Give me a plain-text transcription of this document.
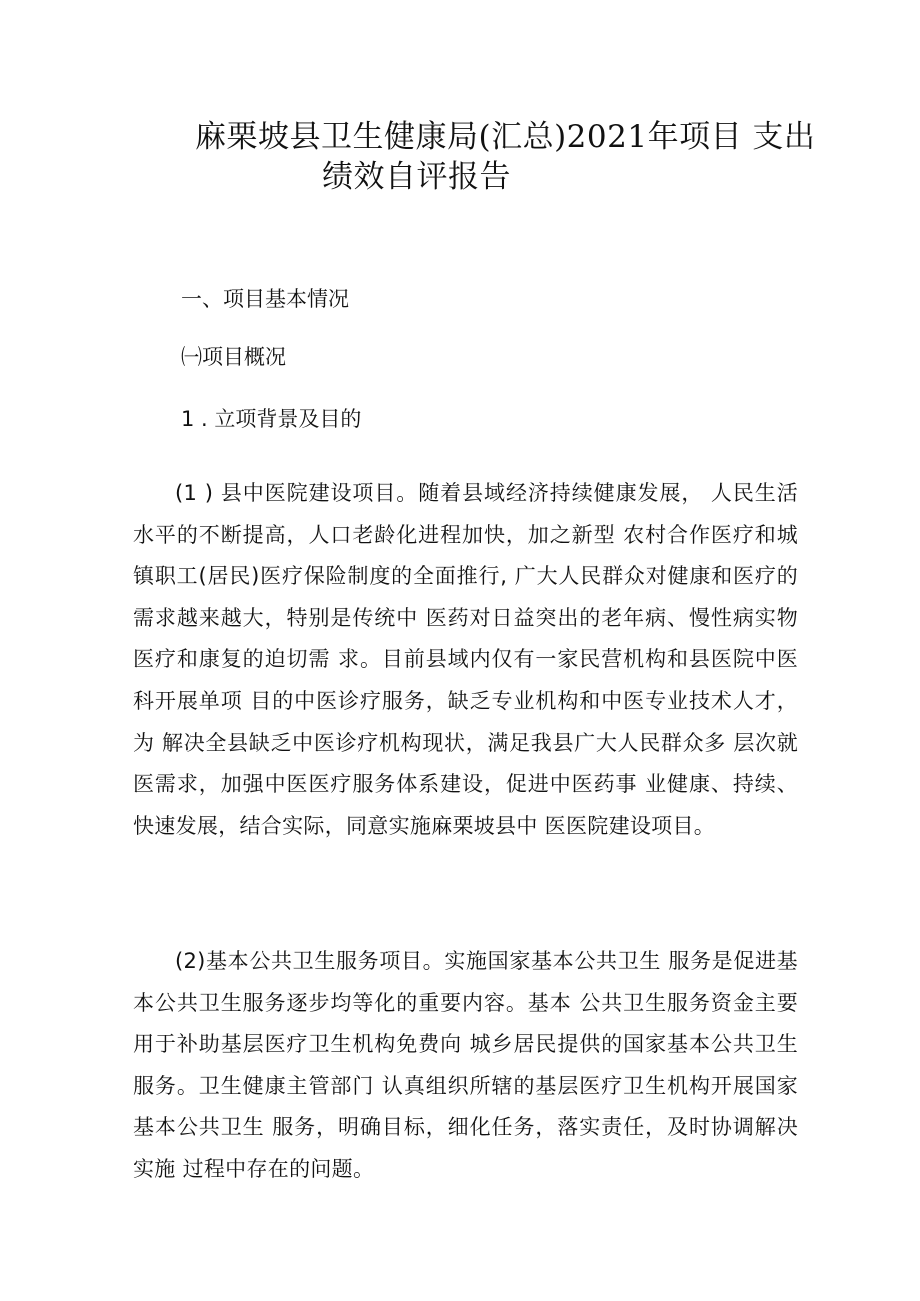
麻栗坡县卫生健康局(汇总)2021年项目 支出
绩效自评报告
一、项目基本情况
㈠项目概况
1 . 立项背景及目的

(1 ) 县中医院建设项目。随着县域经济持续健康发展， 人民生活水平的不断提高，人口老龄化进程加快，加之新型 农村合作医疗和城镇职工(居民)医疗保险制度的全面推行, 广大人民群众对健康和医疗的需求越来越大，特别是传统中 医药对日益突出的老年病、慢性病实物医疗和康复的迫切需 求。目前县域内仅有一家民营机构和县医院中医科开展单项 目的中医诊疗服务，缺乏专业机构和中医专业技术人才，为 解决全县缺乏中医诊疗机构现状，满足我县广大人民群众多 层次就医需求，加强中医医疗服务体系建设，促进中医药事 业健康、持续、快速发展，结合实际，同意实施麻栗坡县中 医医院建设项目。

(2)基本公共卫生服务项目。实施国家基本公共卫生 服务是促进基本公共卫生服务逐步均等化的重要内容。基本 公共卫生服务资金主要用于补助基层医疗卫生机构免费向 城乡居民提供的国家基本公共卫生服务。卫生健康主管部门 认真组织所辖的基层医疗卫生机构开展国家基本公共卫生 服务，明确目标，细化任务，落实责任，及时协调解决实施 过程中存在的问题。
